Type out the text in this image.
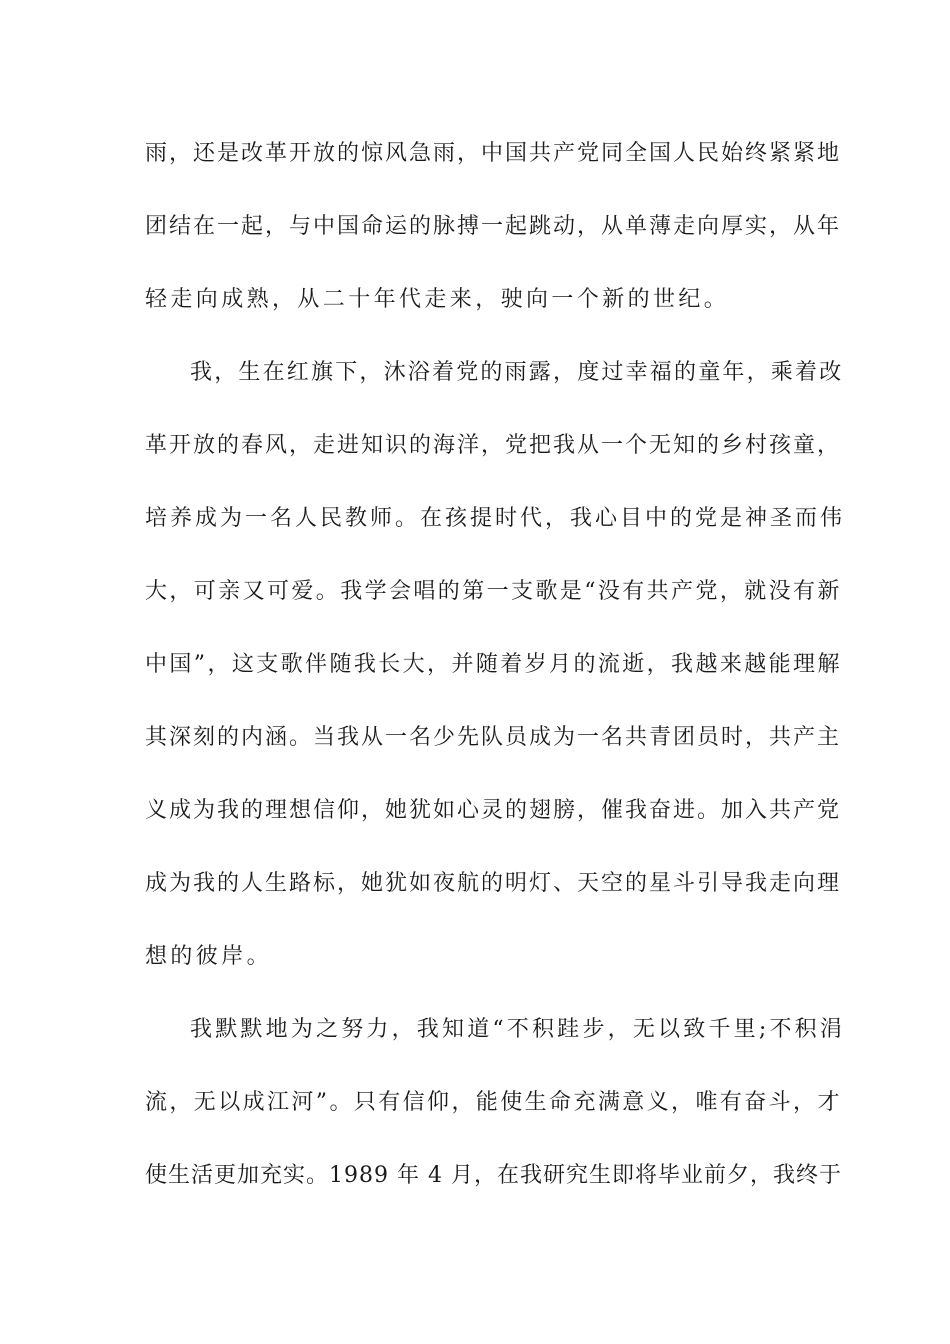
雨，还是改革开放的惊风急雨，中国共产党同全国人民始终紧紧地
团结在一起，与中国命运的脉搏一起跳动，从单薄走向厚实，从年
轻走向成熟，从二十年代走来，驶向一个新的世纪。
我，生在红旗下，沐浴着党的雨露，度过幸福的童年，乘着改
革开放的春风，走进知识的海洋，党把我从一个无知的乡村孩童，
培养成为一名人民教师。在孩提时代，我心目中的党是神圣而伟
大，可亲又可爱。我学会唱的第一支歌是“没有共产党，就没有新
中国”，这支歌伴随我长大，并随着岁月的流逝，我越来越能理解
其深刻的内涵。当我从一名少先队员成为一名共青团员时，共产主
义成为我的理想信仰，她犹如心灵的翅膀，催我奋进。加入共产党
成为我的人生路标，她犹如夜航的明灯、天空的星斗引导我走向理
想的彼岸。
我默默地为之努力，我知道“不积跬步，无以致千里;不积涓
流，无以成江河”。只有信仰，能使生命充满意义，唯有奋斗，才
使生活更加充实。1989 年 4 月，在我研究生即将毕业前夕，我终于
